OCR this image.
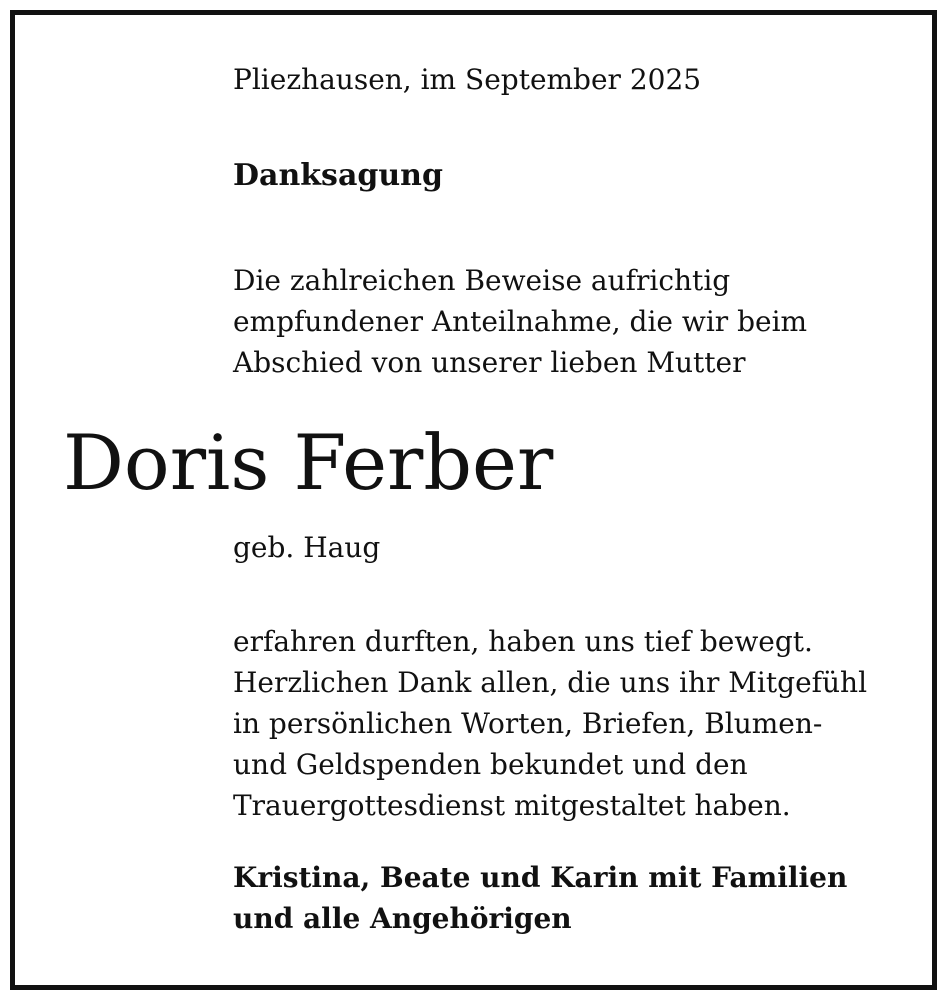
Pliezhausen, im September 2025
Danksagung
Die zahlreichen Beweise aufrichtig
empfundener Anteilnahme, die wir beim
Abschied von unserer lieben Mutter
Doris Ferber
geb. Haug
erfahren durften, haben uns tief bewegt.
Herzlichen Dank allen, die uns ihr Mitgefühl
in persönlichen Worten, Briefen, Blumen-
und Geldspenden bekundet und den
Trauergottesdienst mitgestaltet haben.
Kristina, Beate und Karin mit Familien
und alle Angehörigen
